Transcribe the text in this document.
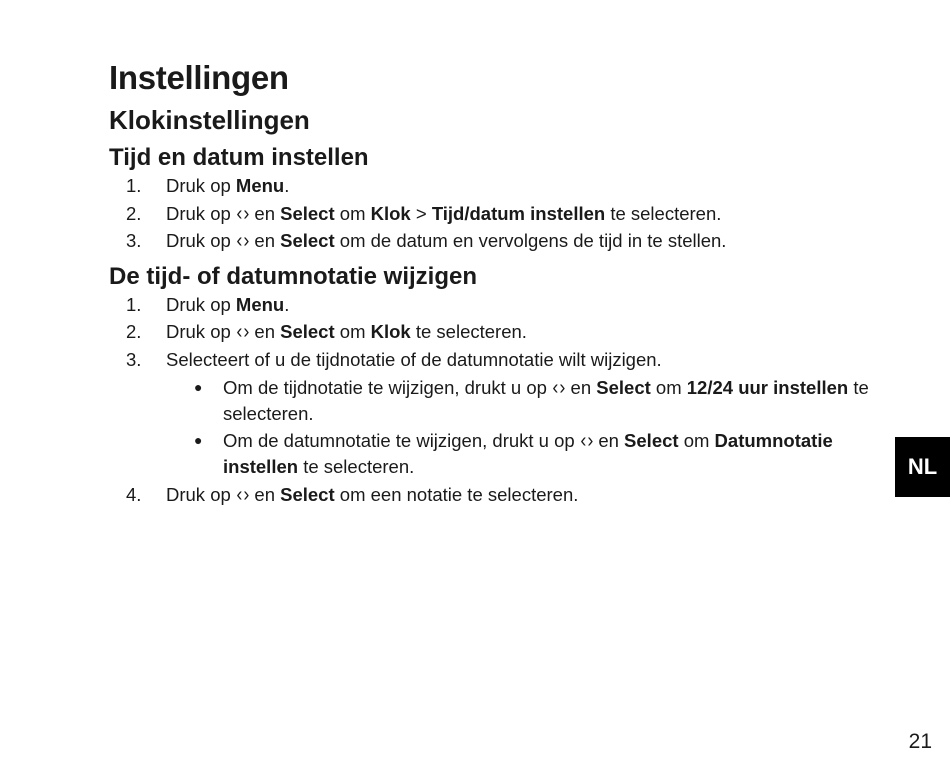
Instellingen
Klokinstellingen
Tijd en datum instellen
1.	Druk op Menu.
2.	Druk op ‹› en Select om Klok > Tijd/datum instellen te selecteren.
3.	Druk op ‹› en Select om de datum en vervolgens de tijd in te stellen.
De tijd- of datumnotatie wijzigen
1.	Druk op Menu.
2.	Druk op ‹› en Select om Klok te selecteren.
3.	Selecteert of u de tijdnotatie of de datumnotatie wilt wijzigen.
● Om de tijdnotatie te wijzigen, drukt u op ‹› en Select om 12/24 uur instellen te selecteren.
● Om de datumnotatie te wijzigen, drukt u op ‹› en Select om Datumnotatie instellen te selecteren.
4.	Druk op ‹› en Select om een notatie te selecteren.
NL
21
